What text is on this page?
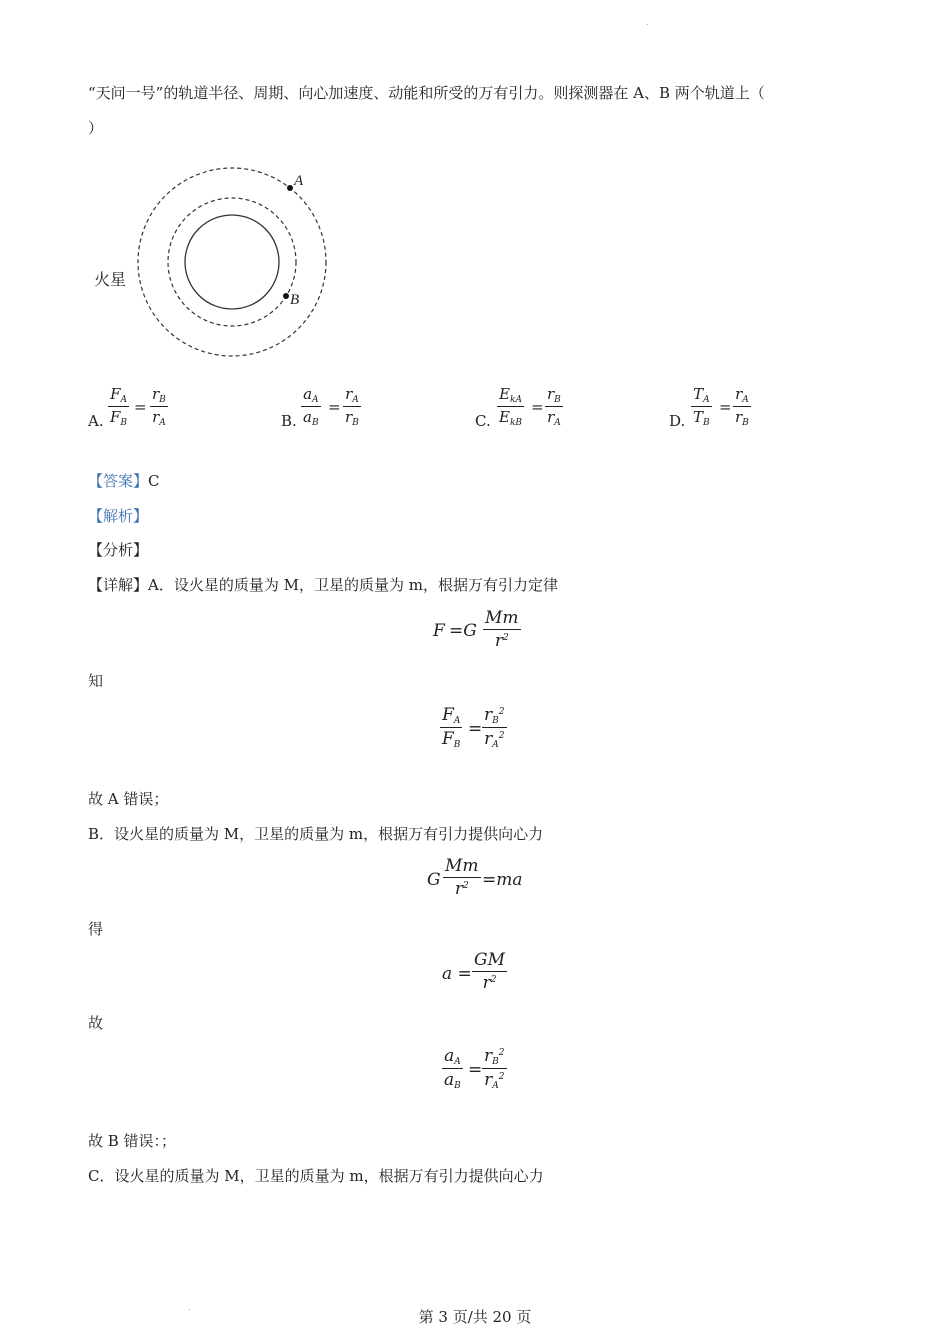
.
“天问一号”的轨道半径、周期、向心加速度、动能和所受的万有引力。则探测器在 A、B 两个轨道上（
）
A
B
火星
A.
$F_A$
$F_B$
=
$r_B$
$r_A$	B.
$a_A$
$a_B$
=
$r_A$
$r_B$	C.
$E_{kA}$
$E_{kB}$
=
$r_B$
$r_A$	D.
$T_A$
$T_B$
=
$r_A$
$r_B$
【答案】C
【解析】
【分析】
【详解】A．设火星的质量为 M，卫星的质量为 m，根据万有引力定律
F =G
Mm
$r^2$
知
$F_A$
$F_B$
=
$r_B^2$
$r_A^2$
故 A 错误；
B．设火星的质量为 M，卫星的质量为 m，根据万有引力提供向心力
G
Mm
$r^2 =ma$
得
a =
GM
$r^2$
故
$a_A$
$a_B$
=
$r_B^2$
$r_A^2$
故 B 错误：；
C．设火星的质量为 M，卫星的质量为 m，根据万有引力提供向心力
.
第 3 页/共 20 页
